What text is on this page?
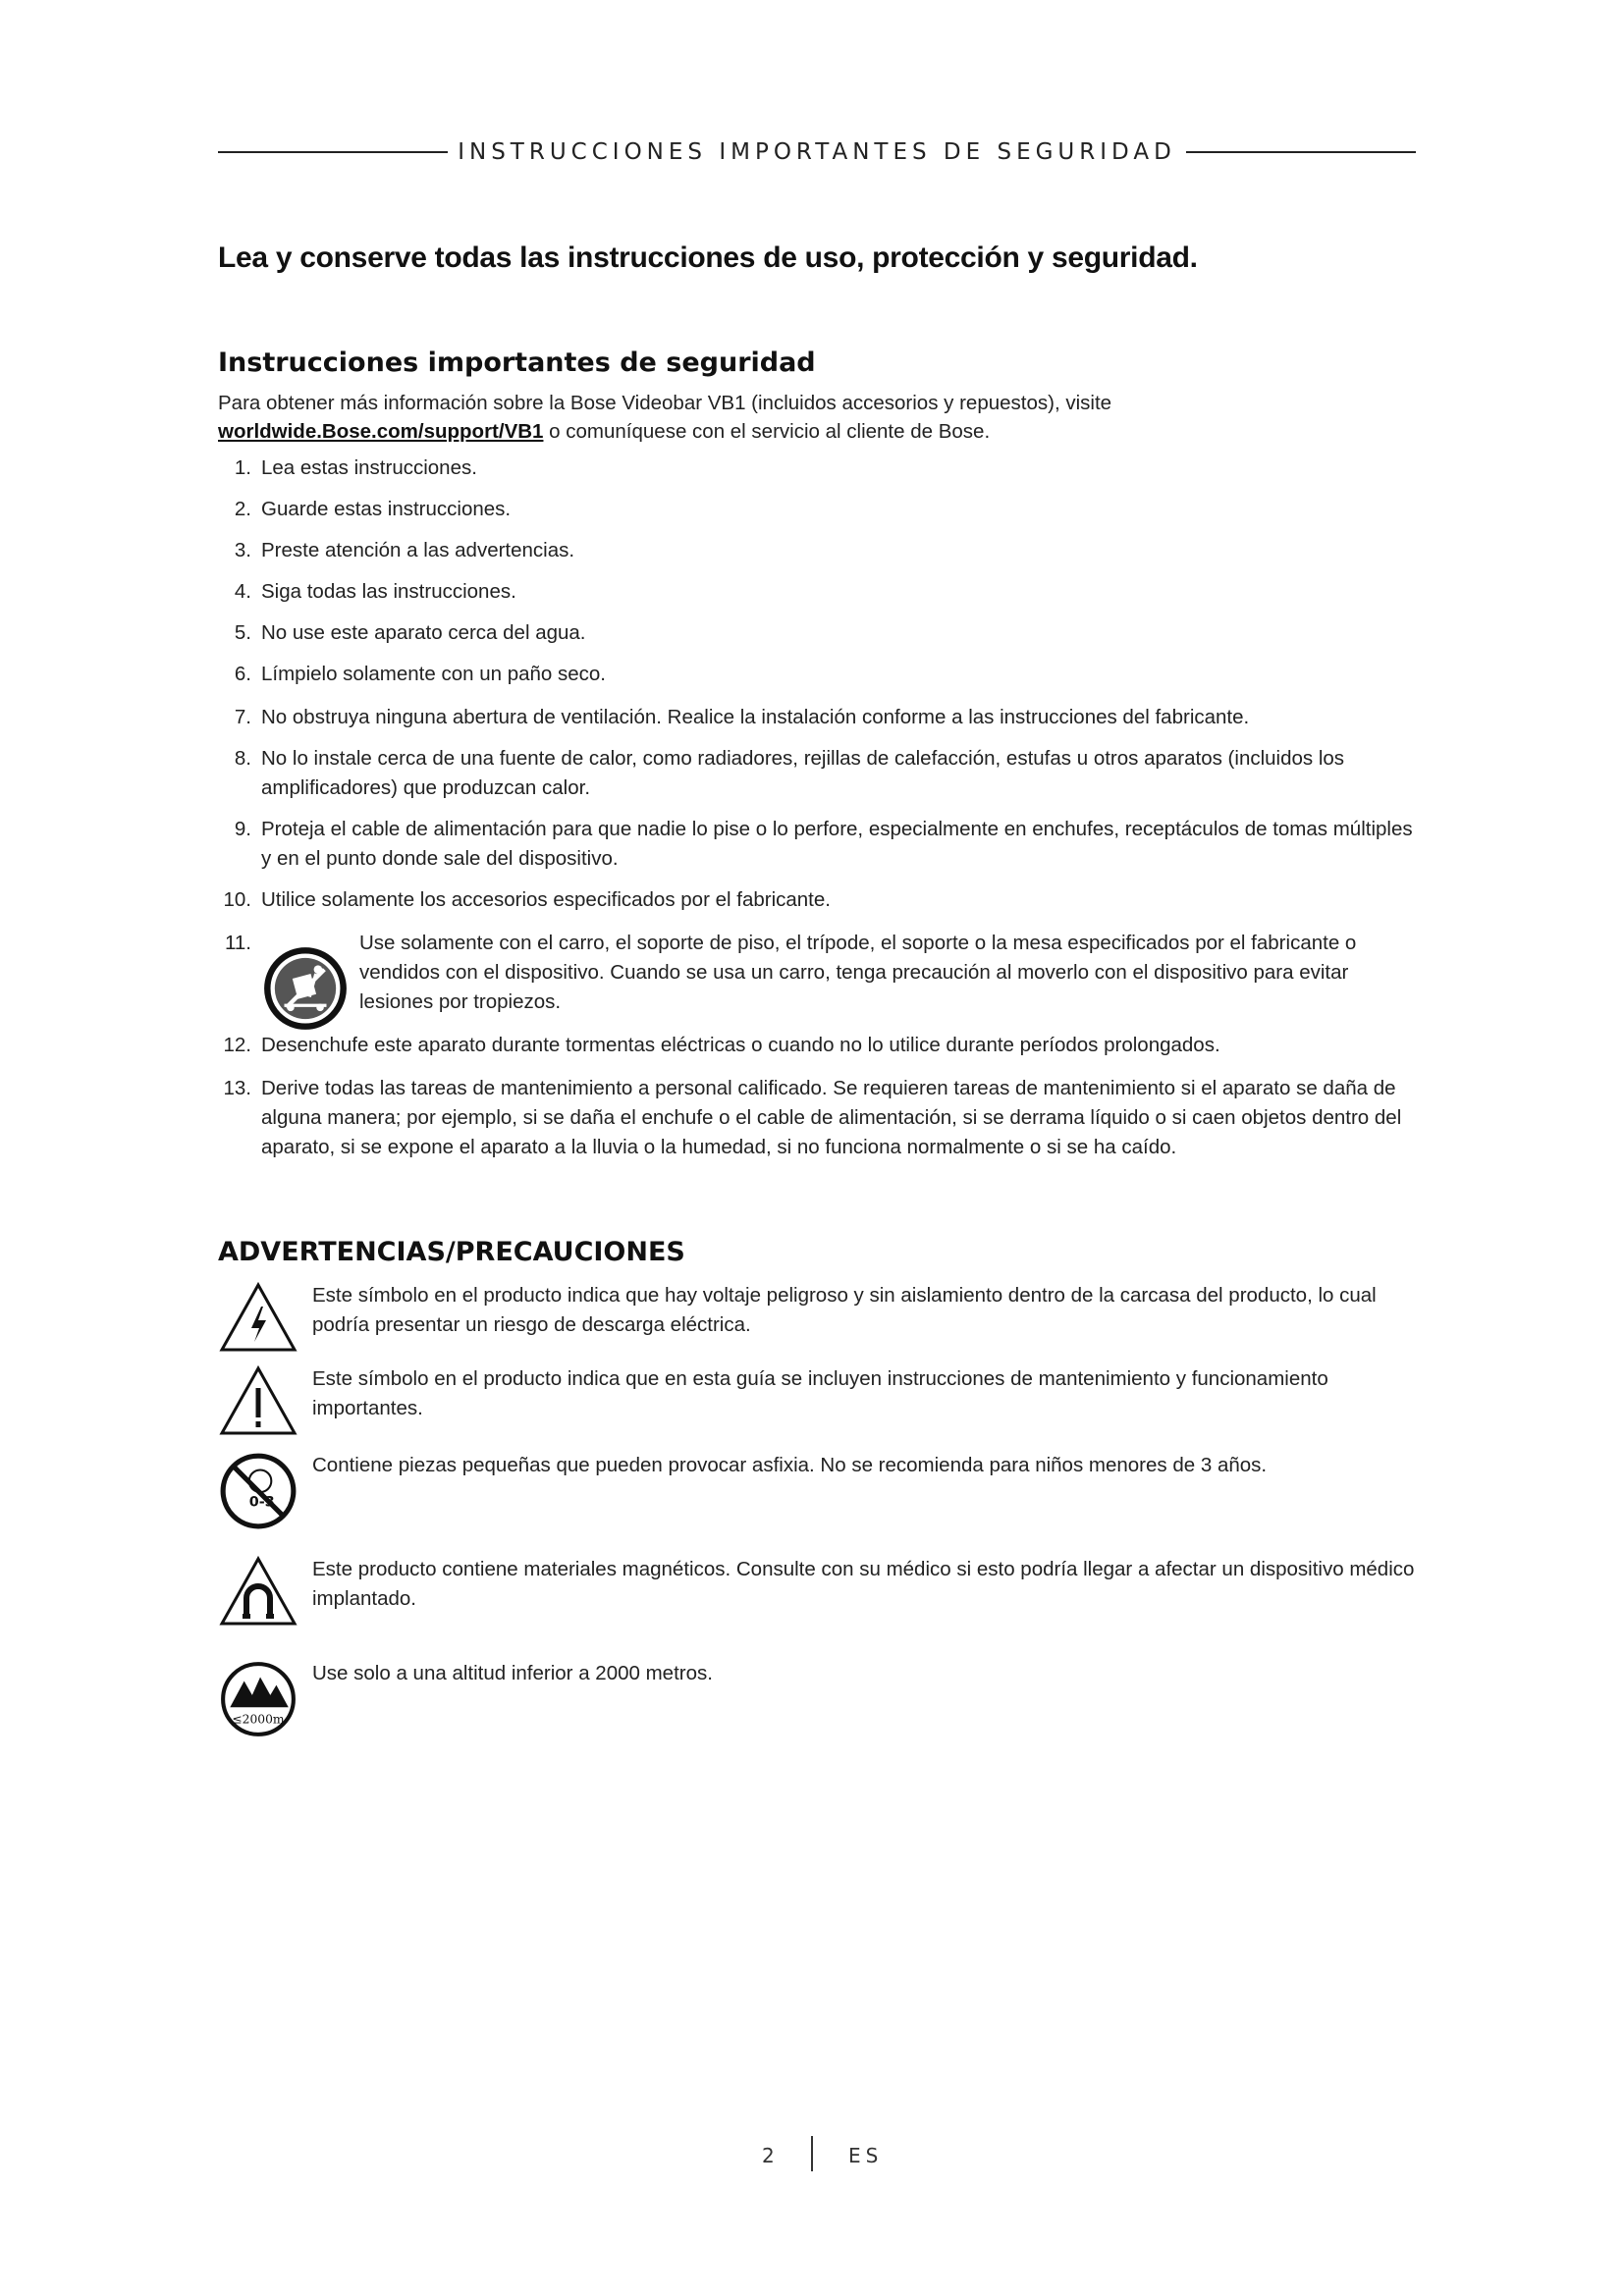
INSTRUCCIONES IMPORTANTES DE SEGURIDAD
Lea y conserve todas las instrucciones de uso, protección y seguridad.
Instrucciones importantes de seguridad
Para obtener más información sobre la Bose Videobar VB1 (incluidos accesorios y repuestos), visite worldwide.Bose.com/support/VB1 o comuníquese con el servicio al cliente de Bose.
1. Lea estas instrucciones.
2. Guarde estas instrucciones.
3. Preste atención a las advertencias.
4. Siga todas las instrucciones.
5. No use este aparato cerca del agua.
6. Límpielo solamente con un paño seco.
7. No obstruya ninguna abertura de ventilación. Realice la instalación conforme a las instrucciones del fabricante.
8. No lo instale cerca de una fuente de calor, como radiadores, rejillas de calefacción, estufas u otros aparatos (incluidos los amplificadores) que produzcan calor.
9. Proteja el cable de alimentación para que nadie lo pise o lo perfore, especialmente en enchufes, receptáculos de tomas múltiples y en el punto donde sale del dispositivo.
10. Utilice solamente los accesorios especificados por el fabricante.
11.	Use solamente con el carro, el soporte de piso, el trípode, el soporte o la mesa especificados por el fabricante o vendidos con el dispositivo. Cuando se usa un carro, tenga precaución al moverlo con el dispositivo para evitar lesiones por tropiezos.
12. Desenchufe este aparato durante tormentas eléctricas o cuando no lo utilice durante períodos prolongados.
13. Derive todas las tareas de mantenimiento a personal calificado. Se requieren tareas de mantenimiento si el aparato se daña de alguna manera; por ejemplo, si se daña el enchufe o el cable de alimentación, si se derrama líquido o si caen objetos dentro del aparato, si se expone el aparato a la lluvia o la humedad, si no funciona normalmente o si se ha caído.
ADVERTENCIAS/PRECAUCIONES
Este símbolo en el producto indica que hay voltaje peligroso y sin aislamiento dentro de la carcasa del producto, lo cual podría presentar un riesgo de descarga eléctrica.
Este símbolo en el producto indica que en esta guía se incluyen instrucciones de mantenimiento y funcionamiento importantes.
0-3
Contiene piezas pequeñas que pueden provocar asfixia. No se recomienda para niños menores de 3 años.
Este producto contiene materiales magnéticos. Consulte con su médico si esto podría llegar a afectar un dispositivo médico implantado.
≤2000m
Use solo a una altitud inferior a 2000 metros.
2	ES
